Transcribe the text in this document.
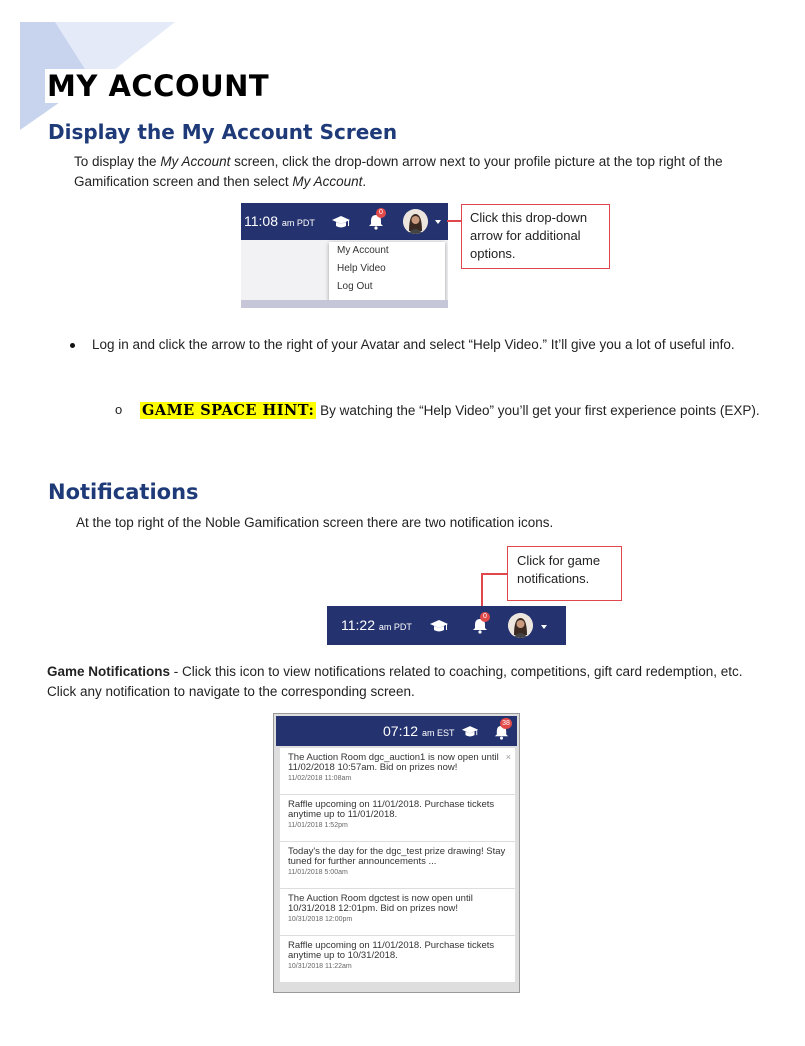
MY ACCOUNT
Display the My Account Screen
To display the My Account screen, click the drop-down arrow next to your profile picture at the top right of the Gamification screen and then select My Account.
11:08 am PDT
0
My Account
Help Video
Log Out
Click this drop-down arrow for additional options.
Log in and click the arrow to the right of your Avatar and select “Help Video.” It’ll give you a lot of useful info.
o GAME SPACE HINT: By watching the “Help Video” you’ll get your first experience points (EXP).
Notifications
At the top right of the Noble Gamification screen there are two notification icons.
Click for game notifications.
11:22 am PDT
0
Game Notifications - Click this icon to view notifications related to coaching, competitions, gift card redemption, etc. Click any notification to navigate to the corresponding screen.
07:12 am EST
38
×
The Auction Room dgc_auction1 is now open until 11/02/2018 10:57am. Bid on prizes now!
11/02/2018 11:08am
Raffle upcoming on 11/01/2018. Purchase tickets anytime up to 11/01/2018.
11/01/2018 1:52pm
Today's the day for the dgc_test prize drawing! Stay tuned for further announcements ...
11/01/2018 5:00am
The Auction Room dgctest is now open until 10/31/2018 12:01pm. Bid on prizes now!
10/31/2018 12:00pm
Raffle upcoming on 11/01/2018. Purchase tickets anytime up to 10/31/2018.
10/31/2018 11:22am
